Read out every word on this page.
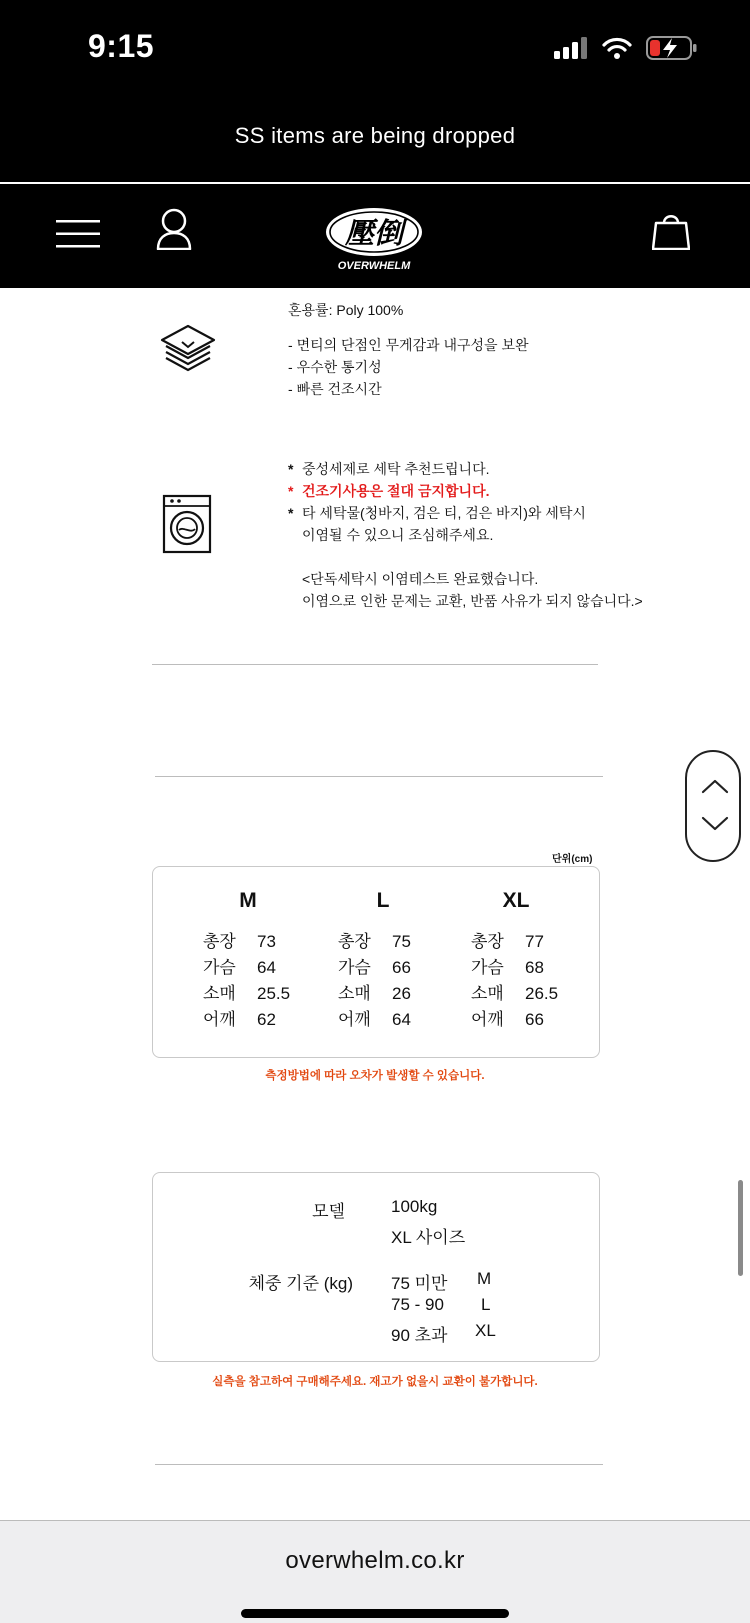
9:15
SS items are being dropped
壓倒
OVERWHELM
혼용률: Poly 100%
- 면티의 단점인 무게감과 내구성을 보완
- 우수한 통기성
- 빠른 건조시간
* 중성세제로 세탁 추천드립니다.
* 건조기사용은 절대 금지합니다.
* 타 세탁물(청바지, 검은 티, 검은 바지)와 세탁시
이염될 수 있으니 조심해주세요.
<단독세탁시 이염테스트 완료했습니다.
이염으로 인한 문제는 교환, 반품 사유가 되지 않습니다.>
단위(cm)
M
총장	73
가슴	64
소매	25.5
어깨	62
L
총장	75
가슴	66
소매	26
어깨	64
XL
총장	77
가슴	68
소매	26.5
어깨	66
측정방법에 따라 오차가 발생할 수 있습니다.
모델	100kg
XL 사이즈
체중 기준 (kg) 75 미만 M
75 - 90 L
90 초과 XL
실측을 참고하여 구매해주세요. 재고가 없을시 교환이 불가합니다.
overwhelm.co.kr
